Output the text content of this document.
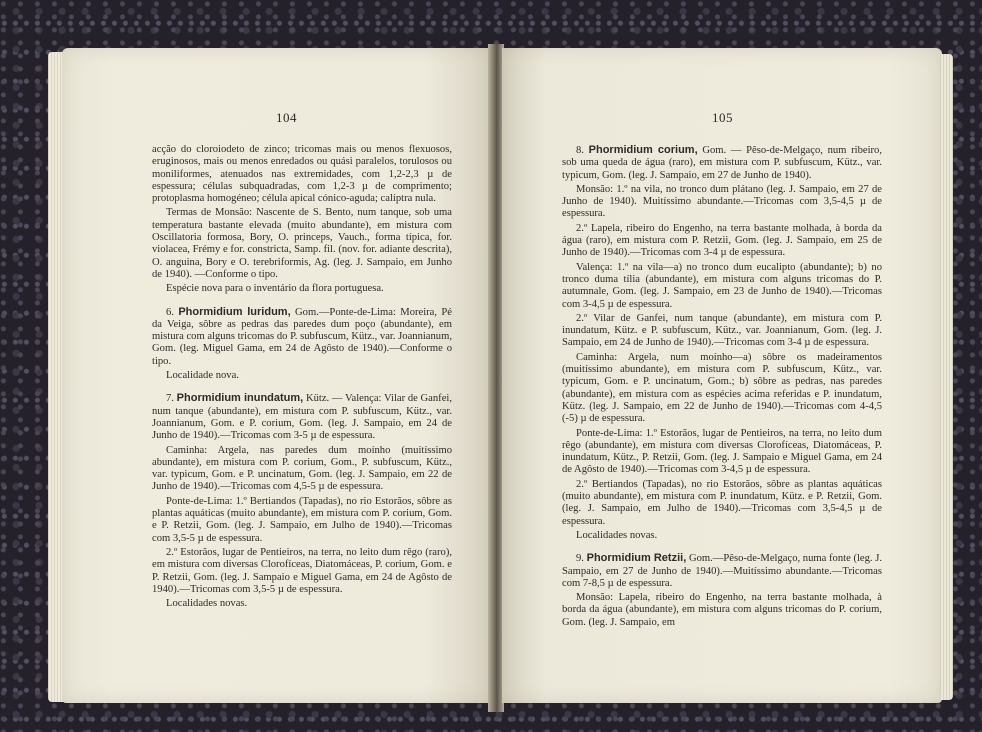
104

acção do cloroiodeto de zinco; tricomas mais ou menos flexuosos, eruginosos, mais ou menos enredados ou quási paralelos, torulosos ou moniliformes, atenuados nas extremidades, com 1,2-2,3 µ de espessura; células subquadradas, com 1,2-3 µ de comprimento; protoplasma homogéneo; célula apical cónico-aguda; calíptra nula.

Termas de Monsão: Nascente de S. Bento, num tanque, sob uma temperatura bastante elevada (muito abundante), em mistura com Oscillatoria formosa, Bory, O. princeps, Vauch., forma típica, for. violacea, Frémy e for. constricta, Samp. fil. (nov. for. adiante descrita), O. anguina, Bory e O. terebriformis, Ag. (leg. J. Sampaio, em Junho de 1940). —Conforme o tipo.

Espécie nova para o inventário da flora portuguesa.

6. Phormidium luridum, Gom.—Ponte-de-Lima: Moreira, Pé da Veiga, sôbre as pedras das paredes dum poço (abundante), em mistura com alguns tricomas do P. subfuscum, Kütz., var. Joannianum, Gom. (leg. Miguel Gama, em 24 de Agôsto de 1940).—Conforme o tipo.

Localidade nova.

7. Phormidium inundatum, Kütz. — Valença: Vilar de Ganfei, num tanque (abundante), em mistura com P. subfuscum, Kütz., var. Joannianum, Gom. e P. corium, Gom. (leg. J. Sampaio, em 24 de Junho de 1940).—Tricomas com 3-5 µ de espessura.

Caminha: Argela, nas paredes dum moínho (muitíssimo abundante), em mistura com P. corium, Gom., P. subfuscum, Kütz., var. typicum, Gom. e P. uncinatum, Gom. (leg. J. Sampaio, em 22 de Junho de 1940).—Tricomas com 4,5-5 µ de espessura.

Ponte-de-Lima: 1.º Bertiandos (Tapadas), no rio Estorãos, sôbre as plantas aquáticas (muito abundante), em mistura com P. corium, Gom. e P. Retzii, Gom. (leg. J. Sampaio, em Julho de 1940).—Tricomas com 3,5-5 µ de espessura.

2.º Estorãos, lugar de Pentieiros, na terra, no leito dum rêgo (raro), em mistura com diversas Clorofíceas, Diatomáceas, P. corium, Gom. e P. Retzii, Gom. (leg. J. Sampaio e Miguel Gama, em 24 de Agôsto de 1940).—Tricomas com 3,5-5 µ de espessura.

Localidades novas.

105

8. Phormidium corium, Gom. — Pêso-de-Melgaço, num ribeiro, sob uma queda de água (raro), em mistura com P. subfuscum, Kütz., var. typicum, Gom. (leg. J. Sampaio, em 27 de Junho de 1940).

Monsão: 1.º na vila, no tronco dum plátano (leg. J. Sampaio, em 27 de Junho de 1940). Muitíssimo abundante.—Tricomas com 3,5-4,5 µ de espessura.

2.º Lapela, ribeiro do Engenho, na terra bastante molhada, à borda da água (raro), em mistura com P. Retzii, Gom. (leg. J. Sampaio, em 25 de Junho de 1940).—Tricomas com 3-4 µ de espessura.

Valença: 1.º na vila—a) no tronco dum eucalipto (abundante); b) no tronco duma tília (abundante), em mistura com alguns tricomas do P. autumnale, Gom. (leg. J. Sampaio, em 23 de Junho de 1940).—Tricomas com 3-4,5 µ de espessura.

2.º Vilar de Ganfei, num tanque (abundante), em mistura com P. inundatum, Kütz. e P. subfuscum, Kütz., var. Joannianum, Gom. (leg. J. Sampaio, em 24 de Junho de 1940).—Tricomas com 3-4 µ de espessura.

Caminha: Argela, num moínho—a) sôbre os madeiramentos (muitíssimo abundante), em mistura com P. subfuscum, Kütz., var. typicum, Gom. e P. uncinatum, Gom.; b) sôbre as pedras, nas paredes (abundante), em mistura com as espécies acima referidas e P. inundatum, Kütz. (leg. J. Sampaio, em 22 de Junho de 1940).—Tricomas com 4-4,5 (-5) µ de espessura.

Ponte-de-Lima: 1.º Estorãos, lugar de Pentieiros, na terra, no leito dum rêgo (abundante), em mistura com diversas Clorofíceas, Diatomáceas, P. inundatum, Kütz., P. Retzii, Gom. (leg. J. Sampaio e Miguel Gama, em 24 de Agôsto de 1940).—Tricomas com 3-4,5 µ de espessura.

2.º Bertiandos (Tapadas), no rio Estorãos, sôbre as plantas aquáticas (muito abundante), em mistura com P. inundatum, Kütz. e P. Retzii, Gom. (leg. J. Sampaio, em Julho de 1940).—Tricomas com 3,5-4,5 µ de espessura.

Localidades novas.

9. Phormidium Retzii, Gom.—Pêso-de-Melgaço, numa fonte (leg. J. Sampaio, em 27 de Junho de 1940).—Muitíssimo abundante.—Tricomas com 7-8,5 µ de espessura.

Monsão: Lapela, ribeiro do Engenho, na terra bastante molhada, à borda da água (abundante), em mistura com alguns tricomas do P. corium, Gom. (leg. J. Sampaio, em
